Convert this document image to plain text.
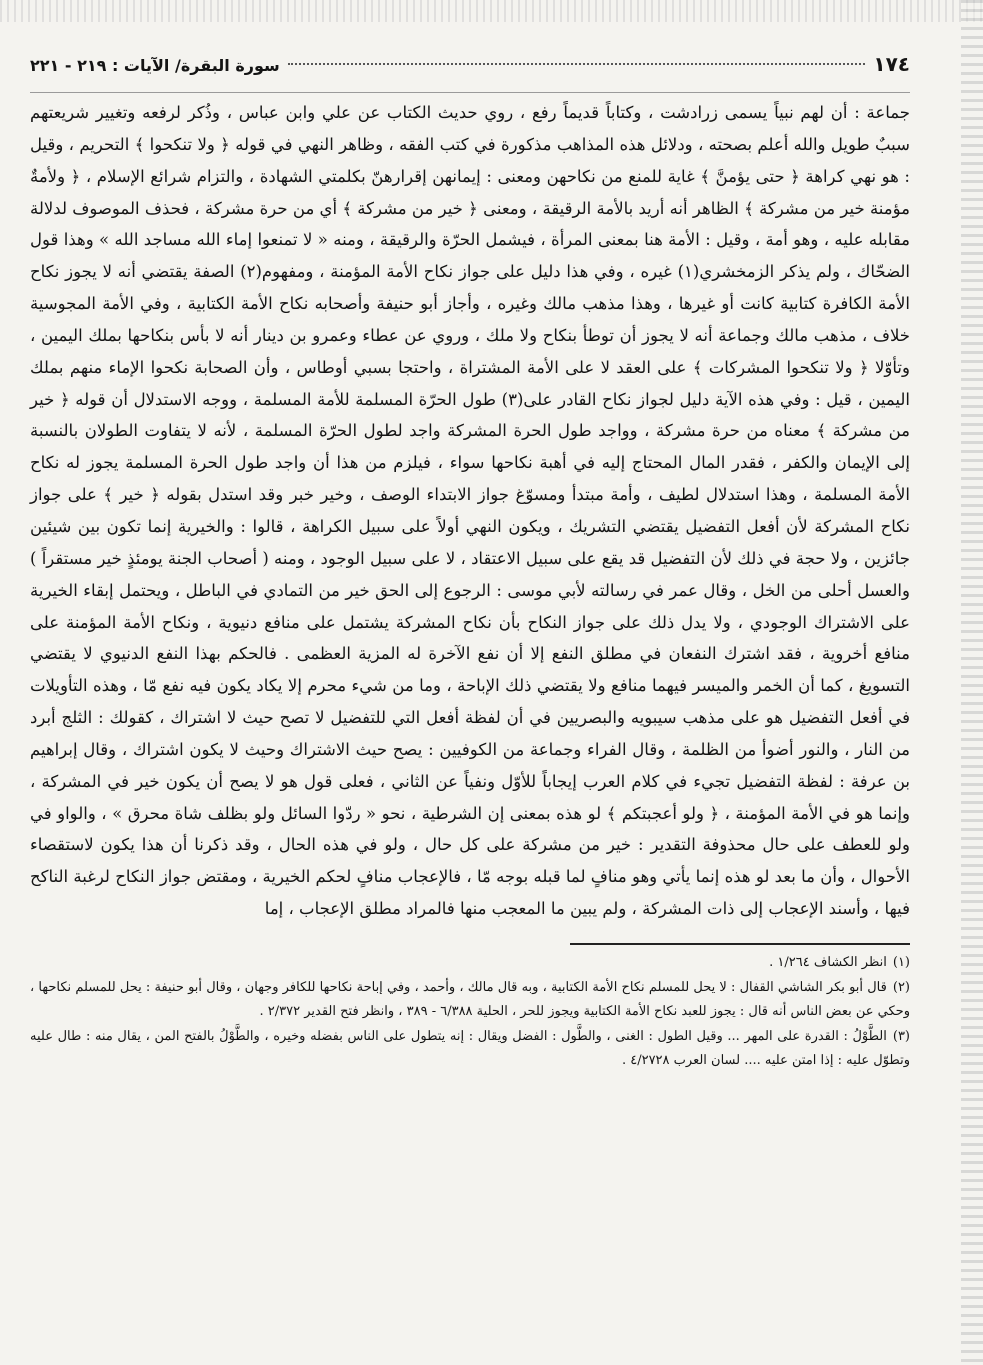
١٧٤
سورة البقرة/ الآيات : ٢١٩ - ٢٢١

جماعة : أن لهم نبياً يسمى زرادشت ، وكتاباً قديماً رفع ، روي حديث الكتاب عن علي وابن عباس ، وذُكر لرفعه وتغيير شريعتهم سببٌ طويل والله أعلم بصحته ، ودلائل هذه المذاهب مذكورة في كتب الفقه ، وظاهر النهي في قوله ﴿ ولا تنكحوا ﴾ التحريم ، وقيل : هو نهي كراهة ﴿ حتى يؤمنَّ ﴾ غاية للمنع من نكاحهن ومعنى : إيمانهن إقرارهنّ بكلمتي الشهادة ، والتزام شرائع الإسلام ، ﴿ ولأمةٌ مؤمنة خير من مشركة ﴾ الظاهر أنه أريد بالأمة الرقيقة ، ومعنى ﴿ خير من مشركة ﴾ أي من حرة مشركة ، فحذف الموصوف لدلالة مقابله عليه ، وهو أمة ، وقيل : الأمة هنا بمعنى المرأة ، فيشمل الحرّة والرقيقة ، ومنه « لا تمنعوا إماء الله مساجد الله » وهذا قول الضحّاك ، ولم يذكر الزمخشري(١) غيره ، وفي هذا دليل على جواز نكاح الأمة المؤمنة ، ومفهوم(٢) الصفة يقتضي أنه لا يجوز نكاح الأمة الكافرة كتابية كانت أو غيرها ، وهذا مذهب مالك وغيره ، وأجاز أبو حنيفة وأصحابه نكاح الأمة الكتابية ، وفي الأمة المجوسية خلاف ، مذهب مالك وجماعة أنه لا يجوز أن توطأ بنكاح ولا ملك ، وروي عن عطاء وعمرو بن دينار أنه لا بأس بنكاحها بملك اليمين ، وتأوّلا ﴿ ولا تنكحوا المشركات ﴾ على العقد لا على الأمة المشتراة ، واحتجا بسبي أوطاس ، وأن الصحابة نكحوا الإماء منهم بملك اليمين ، قيل : وفي هذه الآية دليل لجواز نكاح القادر على(٣) طول الحرّة المسلمة للأمة المسلمة ، ووجه الاستدلال أن قوله ﴿ خير من مشركة ﴾ معناه من حرة مشركة ، وواجد طول الحرة المشركة واجد لطول الحرّة المسلمة ، لأنه لا يتفاوت الطولان بالنسبة إلى الإيمان والكفر ، فقدر المال المحتاج إليه في أهبة نكاحها سواء ، فيلزم من هذا أن واجد طول الحرة المسلمة يجوز له نكاح الأمة المسلمة ، وهذا استدلال لطيف ، وأمة مبتدأ ومسوّغ جواز الابتداء الوصف ، وخير خبر وقد استدل بقوله ﴿ خير ﴾ على جواز نكاح المشركة لأن أفعل التفضيل يقتضي التشريك ، ويكون النهي أولاً على سبيل الكراهة ، قالوا : والخيرية إنما تكون بين شيئين جائزين ، ولا حجة في ذلك لأن التفضيل قد يقع على سبيل الاعتقاد ، لا على سبيل الوجود ، ومنه ( أصحاب الجنة يومئذٍ خير مستقراً ) والعسل أحلى من الخل ، وقال عمر في رسالته لأبي موسى : الرجوع إلى الحق خير من التمادي في الباطل ، ويحتمل إبقاء الخيرية على الاشتراك الوجودي ، ولا يدل ذلك على جواز النكاح بأن نكاح المشركة يشتمل على منافع دنيوية ، ونكاح الأمة المؤمنة على منافع أخروية ، فقد اشترك النفعان في مطلق النفع إلا أن نفع الآخرة له المزية العظمى . فالحكم بهذا النفع الدنيوي لا يقتضي التسويغ ، كما أن الخمر والميسر فيهما منافع ولا يقتضي ذلك الإباحة ، وما من شيء محرم إلا يكاد يكون فيه نفع مّا ، وهذه التأويلات في أفعل التفضيل هو على مذهب سيبويه والبصريين في أن لفظة أفعل التي للتفضيل لا تصح حيث لا اشتراك ، كقولك : الثلج أبرد من النار ، والنور أضوأ من الظلمة ، وقال الفراء وجماعة من الكوفيين : يصح حيث الاشتراك وحيث لا يكون اشتراك ، وقال إبراهيم بن عرفة : لفظة التفضيل تجيء في كلام العرب إيجاباً للأوّل ونفياً عن الثاني ، فعلى قول هو لا يصح أن يكون خير في المشركة ، وإنما هو في الأمة المؤمنة ، ﴿ ولو أعجبتكم ﴾ لو هذه بمعنى إن الشرطية ، نحو « ردّوا السائل ولو بظلف شاة محرق » ، والواو في ولو للعطف على حال محذوفة التقدير : خير من مشركة على كل حال ، ولو في هذه الحال ، وقد ذكرنا أن هذا يكون لاستقصاء الأحوال ، وأن ما بعد لو هذه إنما يأتي وهو منافٍ لما قبله بوجه مّا ، فالإعجاب منافٍ لحكم الخيرية ، ومقتض جواز النكاح لرغبة الناكح فيها ، وأسند الإعجاب إلى ذات المشركة ، ولم يبين ما المعجب منها فالمراد مطلق الإعجاب ، إما

(١)انظر الكشاف ١/٢٦٤ .
(٢)قال أبو بكر الشاشي القفال : لا يحل للمسلم نكاح الأمة الكتابية ، وبه قال مالك ، وأحمد ، وفي إباحة نكاحها للكافر وجهان ، وقال أبو حنيفة : يحل للمسلم نكاحها ، وحكي عن بعض الناس أنه قال : يجوز للعبد نكاح الأمة الكتابية ويجوز للحر ، الحلية ٦/٣٨٨ - ٣٨٩ ، وانظر فتح القدير ٢/٣٧٢ .
(٣)الطَّوْلُ : القدرة على المهر ... وقيل الطول : الغنى ، والطَّول : الفضل ويقال : إنه يتطول على الناس بفضله وخيره ، والطَّوْلُ بالفتح المن ، يقال منه : طال عليه وتطوّل عليه : إذا امتن عليه .... لسان العرب ٤/٢٧٢٨ .
